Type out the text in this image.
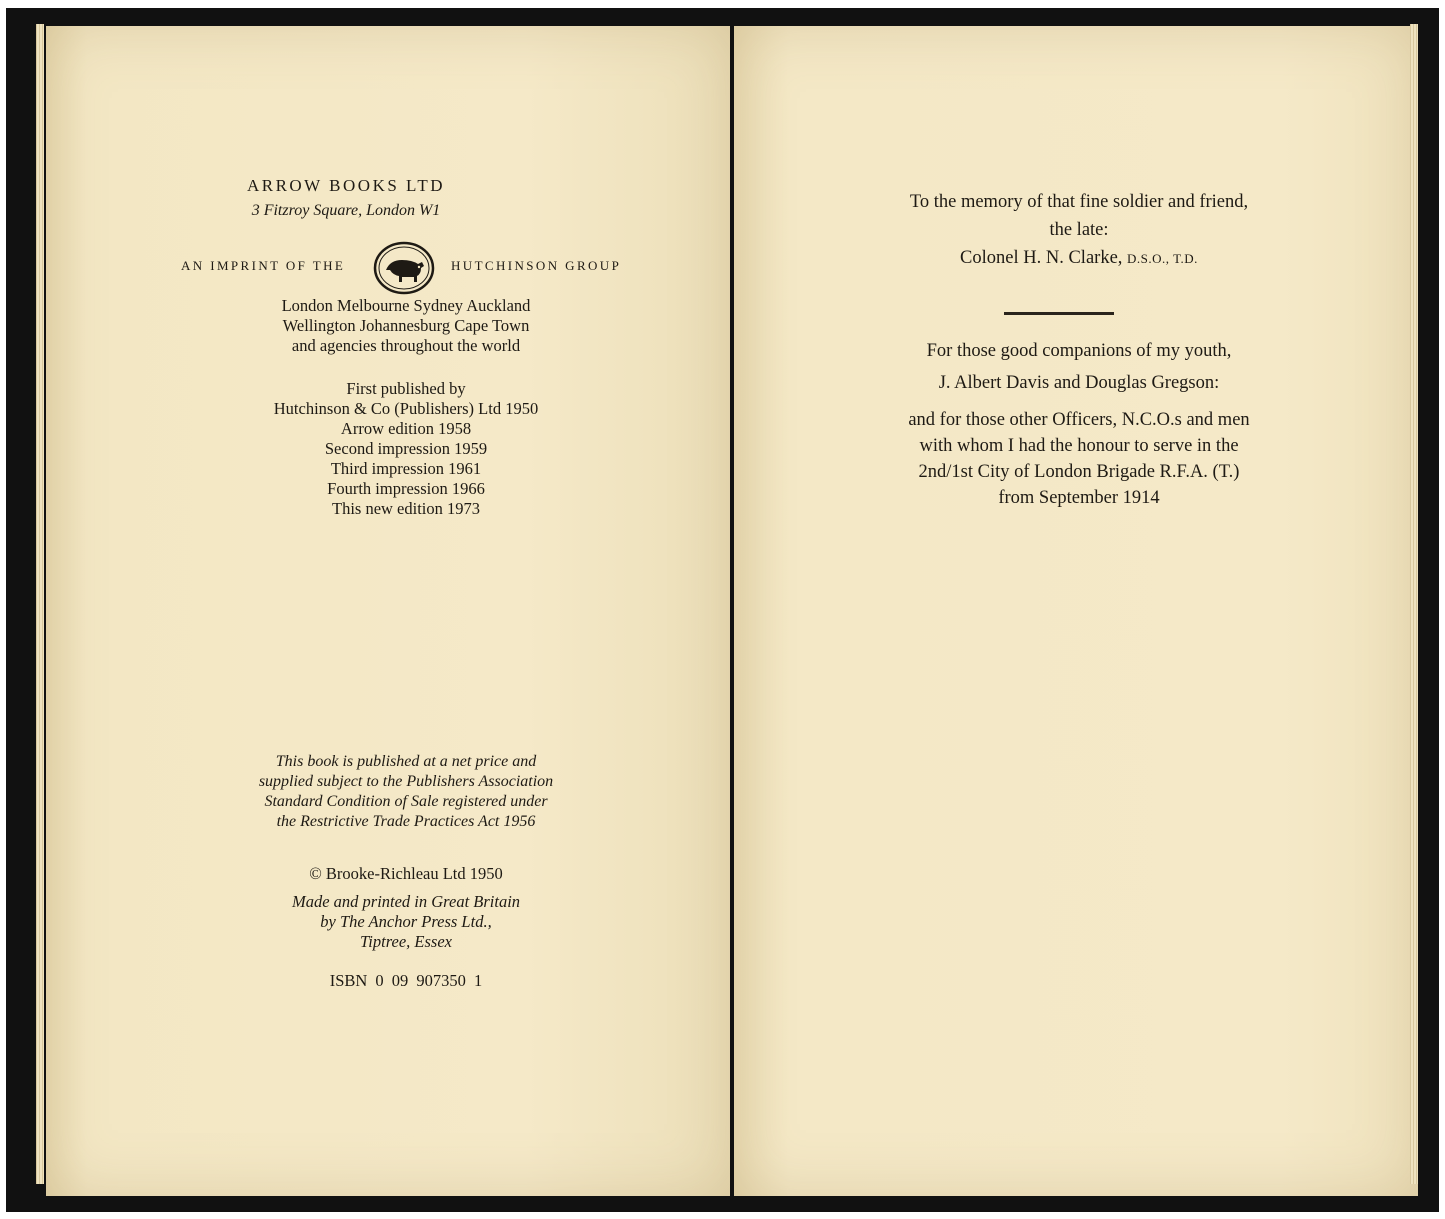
ARROW BOOKS LTD
3 Fitzroy Square, London W1
AN IMPRINT OF THE	HUTCHINSON GROUP
London Melbourne Sydney Auckland
Wellington Johannesburg Cape Town
and agencies throughout the world
First published by
Hutchinson & Co (Publishers) Ltd 1950
Arrow edition 1958
Second impression 1959
Third impression 1961
Fourth impression 1966
This new edition 1973
This book is published at a net price and
supplied subject to the Publishers Association
Standard Condition of Sale registered under
the Restrictive Trade Practices Act 1956
© Brooke-Richleau Ltd 1950
Made and printed in Great Britain
by The Anchor Press Ltd.,
Tiptree, Essex
ISBN 0 09 907350 1
To the memory of that fine soldier and friend,
the late:
Colonel H. N. Clarke, D.S.O., T.D.
For those good companions of my youth,
J. Albert Davis and Douglas Gregson:
and for those other Officers, N.C.O.s and men
with whom I had the honour to serve in the
2nd/1st City of London Brigade R.F.A. (T.)
from September 1914
